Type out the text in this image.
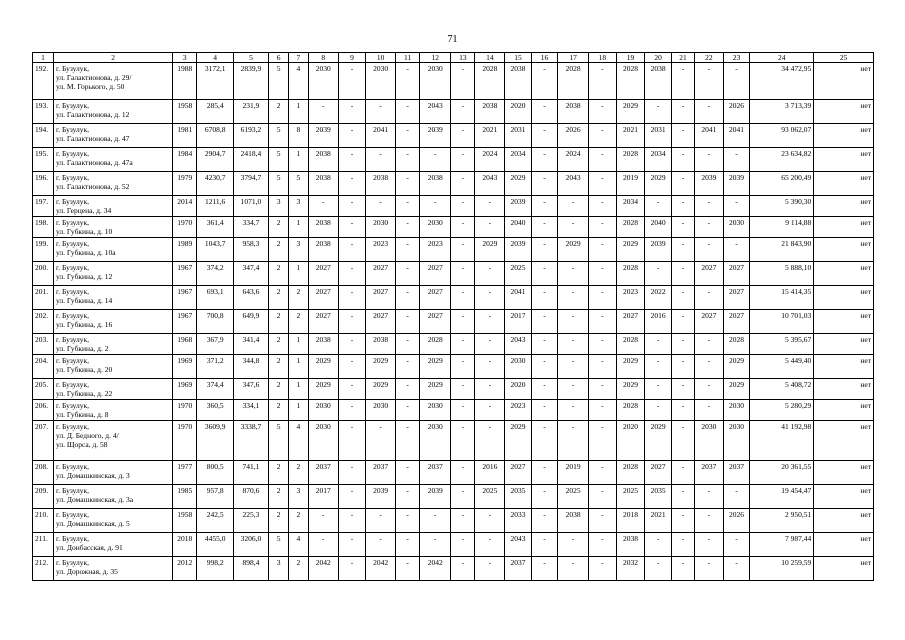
71
1	2	3	4	5	6	7	8	9	10	11	12	13	14	15	16	17	18	19	20	21	22	23	24	25
192.	г. Бузулук,
ул. Галактионова, д. 29/
ул. М. Горького, д. 50	1988	3172,1	2839,9	5	4	2030	-	2030	-	2030	-	2028	2038	-	2028	-	2028	2038	-	-	-	34 472,95	нет
193.	г. Бузулук,
ул. Галактионова, д. 12	1958	285,4	231,9	2	1	-	-	-	-	2043	-	2038	2020	-	2038	-	2029	-	-	-	2026	3 713,39	нет
194.	г. Бузулук,
ул. Галактионова, д. 47	1981	6708,8	6193,2	5	8	2039	-	2041	-	2039	-	2021	2031	-	2026	-	2021	2031	-	2041	2041	93 062,07	нет
195.	г. Бузулук,
ул. Галактионова, д. 47а	1984	2904,7	2418,4	5	1	2038	-	-	-	-	-	2024	2034	-	2024	-	2028	2034	-	-	-	23 634,82	нет
196.	г. Бузулук,
ул. Галактионова, д. 52	1979	4230,7	3794,7	5	5	2038	-	2038	-	2038	-	2043	2029	-	2043	-	2019	2029	-	2039	2039	65 200,49	нет
197.	г. Бузулук,
ул. Герцена, д. 34	2014	1211,6	1071,0	3	3	-	-	-	-	-	-	-	2039	-	-	-	2034	-	-	-	-	5 390,30	нет
198.	г. Бузулук,
ул. Губкина, д. 10	1970	361,4	334,7	2	1	2038	-	2030	-	2030	-	-	2040	-	-	-	2028	2040	-	-	2030	9 114,88	нет
199.	г. Бузулук,
ул. Губкина, д. 10а	1989	1043,7	958,3	2	3	2038	-	2023	-	2023	-	2029	2039	-	2029	-	2029	2039	-	-	-	21 843,90	нет
200.	г. Бузулук,
ул. Губкина, д. 12	1967	374,2	347,4	2	1	2027	-	2027	-	2027	-	-	2025	-	-	-	2028	-	-	2027	2027	5 888,10	нет
201.	г. Бузулук,
ул. Губкина, д. 14	1967	693,1	643,6	2	2	2027	-	2027	-	2027	-	-	2041	-	-	-	2023	2022	-	-	2027	15 414,35	нет
202.	г. Бузулук,
ул. Губкина, д. 16	1967	700,8	649,9	2	2	2027	-	2027	-	2027	-	-	2017	-	-	-	2027	2016	-	2027	2027	10 701,03	нет
203.	г. Бузулук,
ул. Губкина, д. 2	1968	367,9	341,4	2	1	2038	-	2038	-	2028	-	-	2043	-	-	-	2028	-	-	-	2028	5 395,67	нет
204.	г. Бузулук,
ул. Губкина, д. 20	1969	371,2	344,8	2	1	2029	-	2029	-	2029	-	-	2030	-	-	-	2029	-	-	-	2029	5 449,40	нет
205.	г. Бузулук,
ул. Губкина, д. 22	1969	374,4	347,6	2	1	2029	-	2029	-	2029	-	-	2020	-	-	-	2029	-	-	-	2029	5 408,72	нет
206.	г. Бузулук,
ул. Губкина, д. 8	1970	360,5	334,1	2	1	2030	-	2030	-	2030	-	-	2023	-	-	-	2028	-	-	-	2030	5 280,29	нет
207.	г. Бузулук,
ул. Д. Бедного, д. 4/
ул. Щорса, д. 58	1970	3609,9	3338,7	5	4	2030	-	-	-	2030	-	-	2029	-	-	-	2020	2029	-	2030	2030	41 192,98	нет
208.	г. Бузулук,
ул. Домашкинская, д. 3	1977	800,5	741,1	2	2	2037	-	2037	-	2037	-	2016	2027	-	2019	-	2028	2027	-	2037	2037	20 361,55	нет
209.	г. Бузулук,
ул. Домашкинская, д. 3а	1985	957,8	870,6	2	3	2017	-	2039	-	2039	-	2025	2035	-	2025	-	2025	2035	-	-	-	19 454,47	нет
210.	г. Бузулук,
ул. Домашкинская, д. 5	1958	242,5	225,3	2	2	-	-	-	-	-	-	-	2033	-	2038	-	2018	2021	-	-	2026	2 950,51	нет
211.	г. Бузулук,
ул. Донбасская, д. 91	2018	4455,0	3206,0	5	4	-	-	-	-	-	-	-	2043	-	-	-	2038	-	-	-	-	7 987,44	нет
212.	г. Бузулук,
ул. Дорожная, д. 35	2012	998,2	898,4	3	2	2042	-	2042	-	2042	-	-	2037	-	-	-	2032	-	-	-	-	10 259,59	нет
